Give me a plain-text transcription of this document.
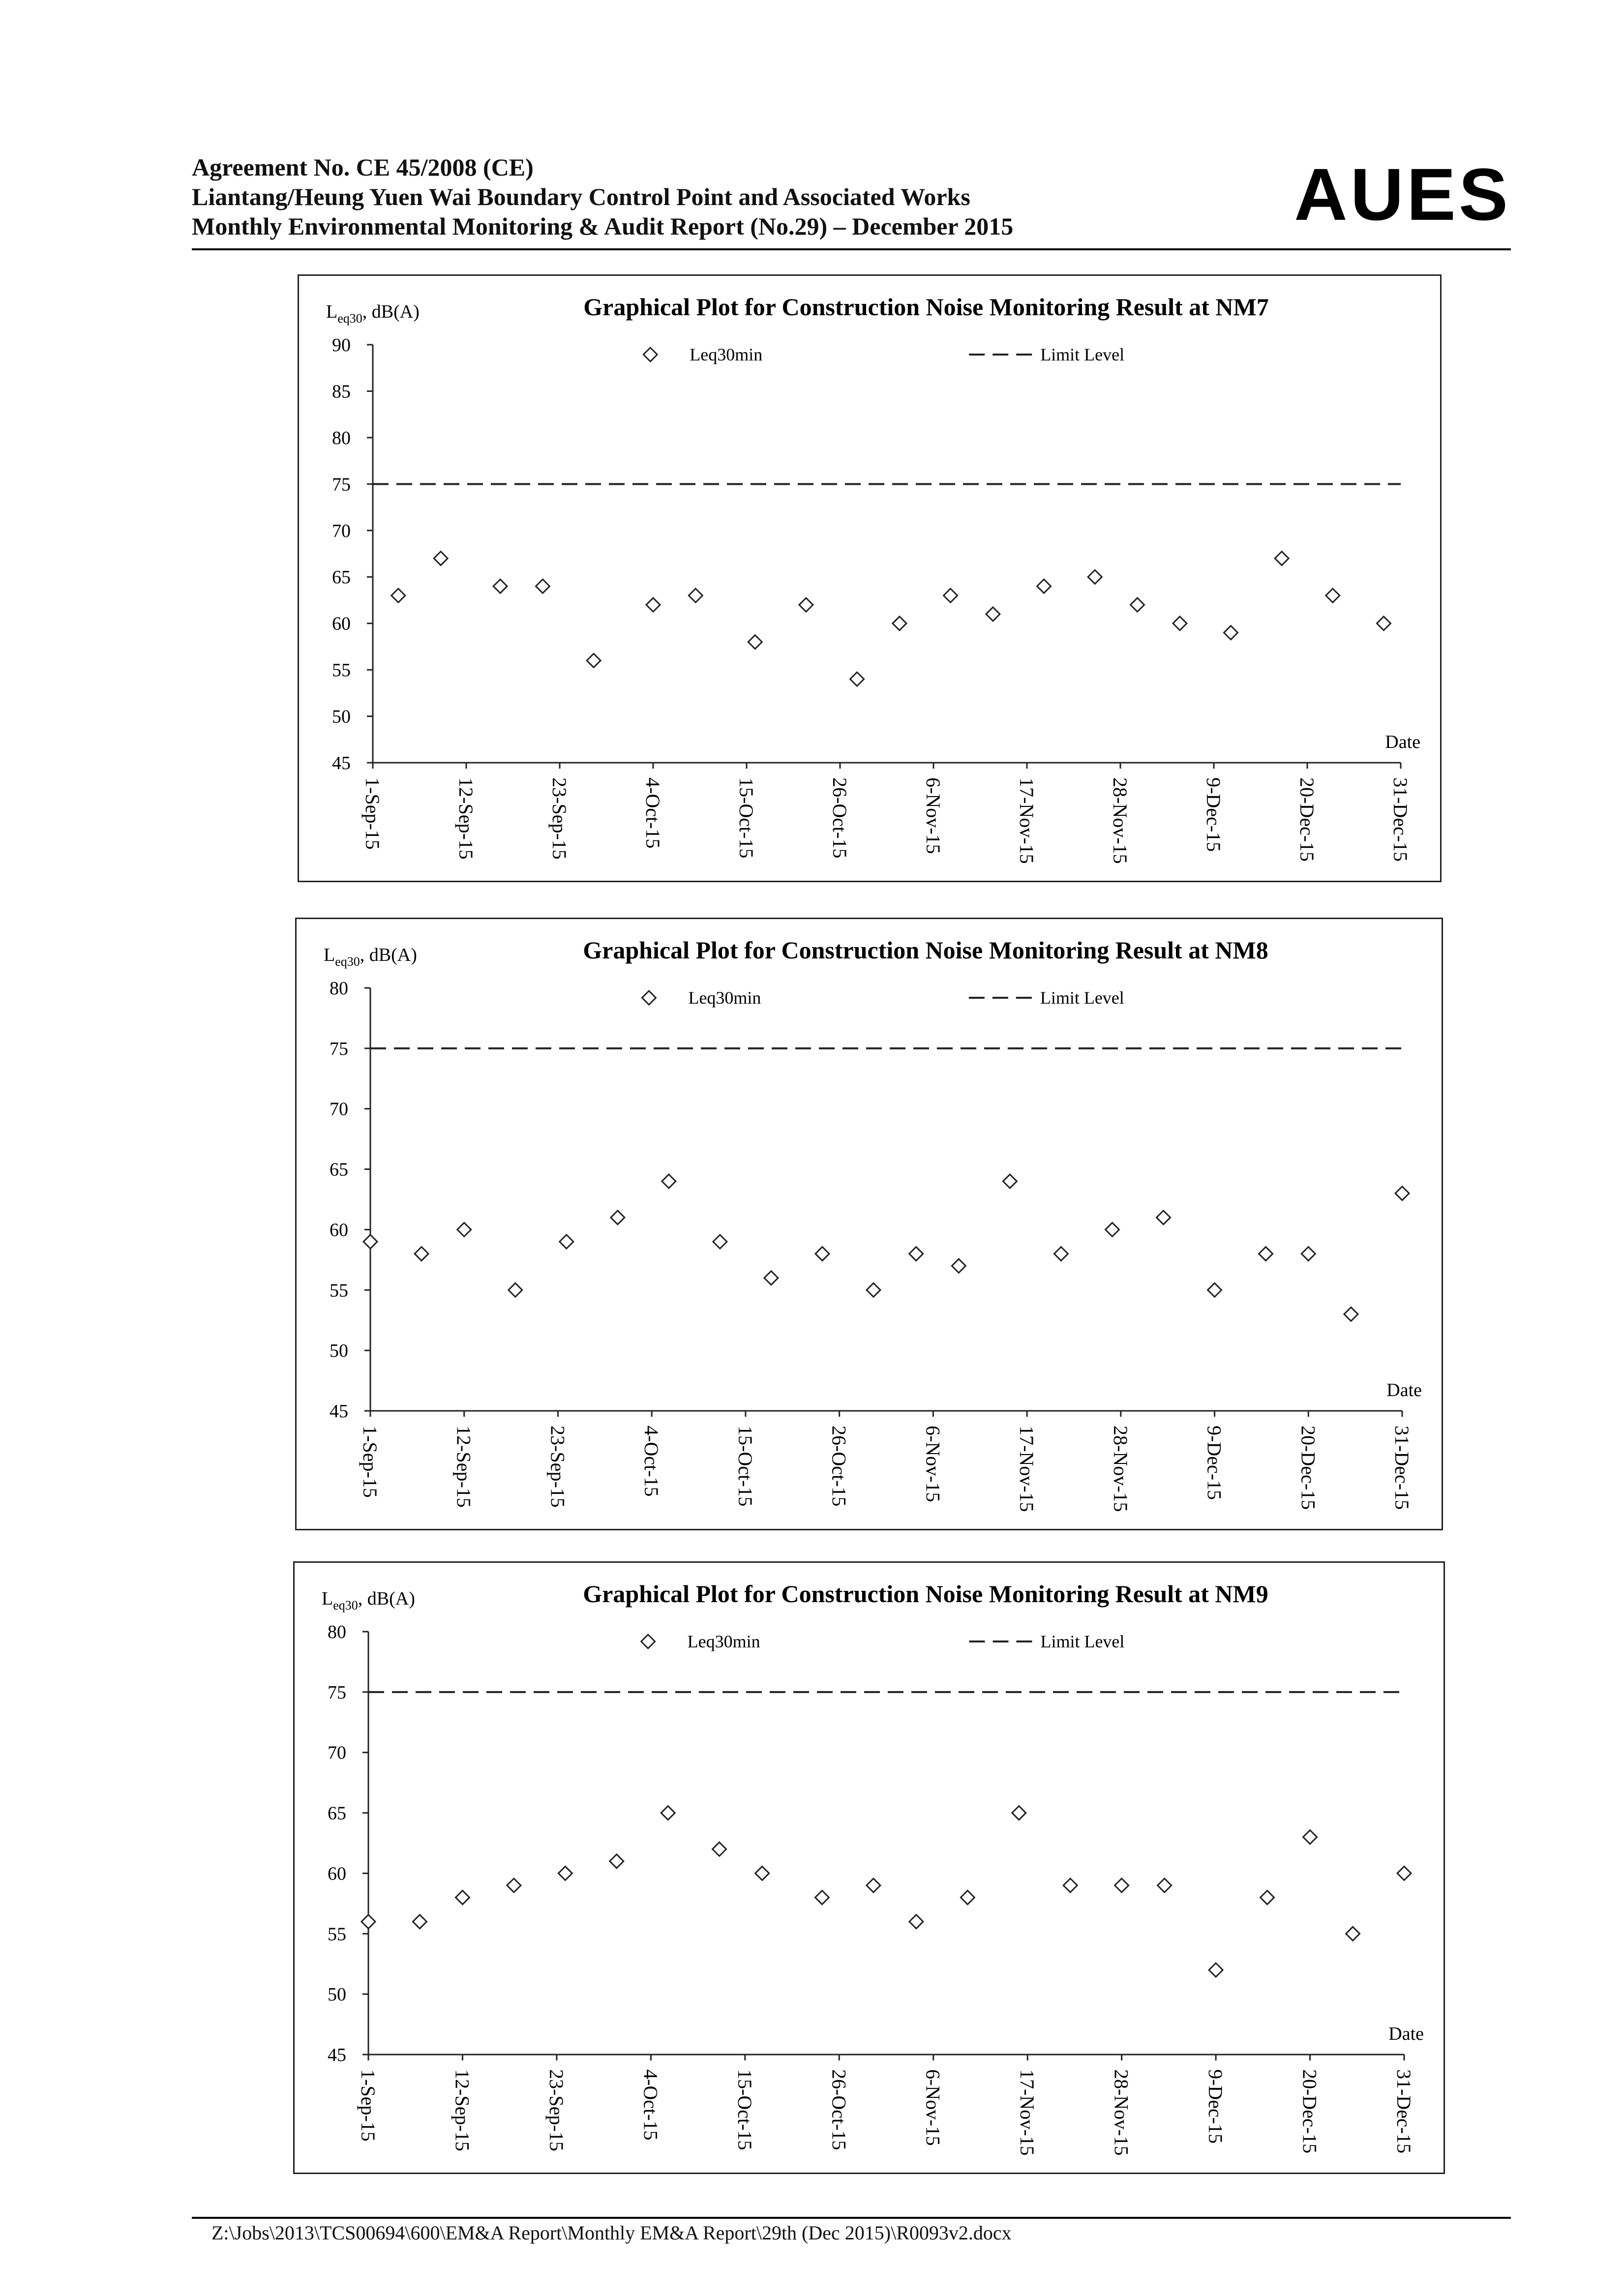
Agreement No. CE 45/2008 (CE)
Liantang/Heung Yuen Wai Boundary Control Point and Associated Works
Monthly Environmental Monitoring & Audit Report (No.29) – December 2015	AUES
Graphical Plot for Construction Noise Monitoring Result at NM7
$L_{eq30}$, dB(A)
45
50
55
60
65
70
75
80
85
90
1-Sep-15	12-Sep-15	23-Sep-15	4-Oct-15	15-Oct-15	26-Oct-15	6-Nov-15	17-Nov-15	28-Nov-15	9-Dec-15	20-Dec-15	31-Dec-15
Date
Leq30min	Limit Level
Graphical Plot for Construction Noise Monitoring Result at NM8
$L_{eq30}$, dB(A)
45
50
55
60
65
70
75
80
1-Sep-15	12-Sep-15	23-Sep-15	4-Oct-15	15-Oct-15	26-Oct-15	6-Nov-15	17-Nov-15	28-Nov-15	9-Dec-15	20-Dec-15	31-Dec-15
Date
Leq30min	Limit Level
Graphical Plot for Construction Noise Monitoring Result at NM9
$L_{eq30}$, dB(A)
45
50
55
60
65
70
75
80
1-Sep-15	12-Sep-15	23-Sep-15	4-Oct-15	15-Oct-15	26-Oct-15	6-Nov-15	17-Nov-15	28-Nov-15	9-Dec-15	20-Dec-15	31-Dec-15
Date
Leq30min	Limit Level
Z:\Jobs\2013\TCS00694\600\EM&A Report\Monthly EM&A Report\29th (Dec 2015)\R0093v2.docx
